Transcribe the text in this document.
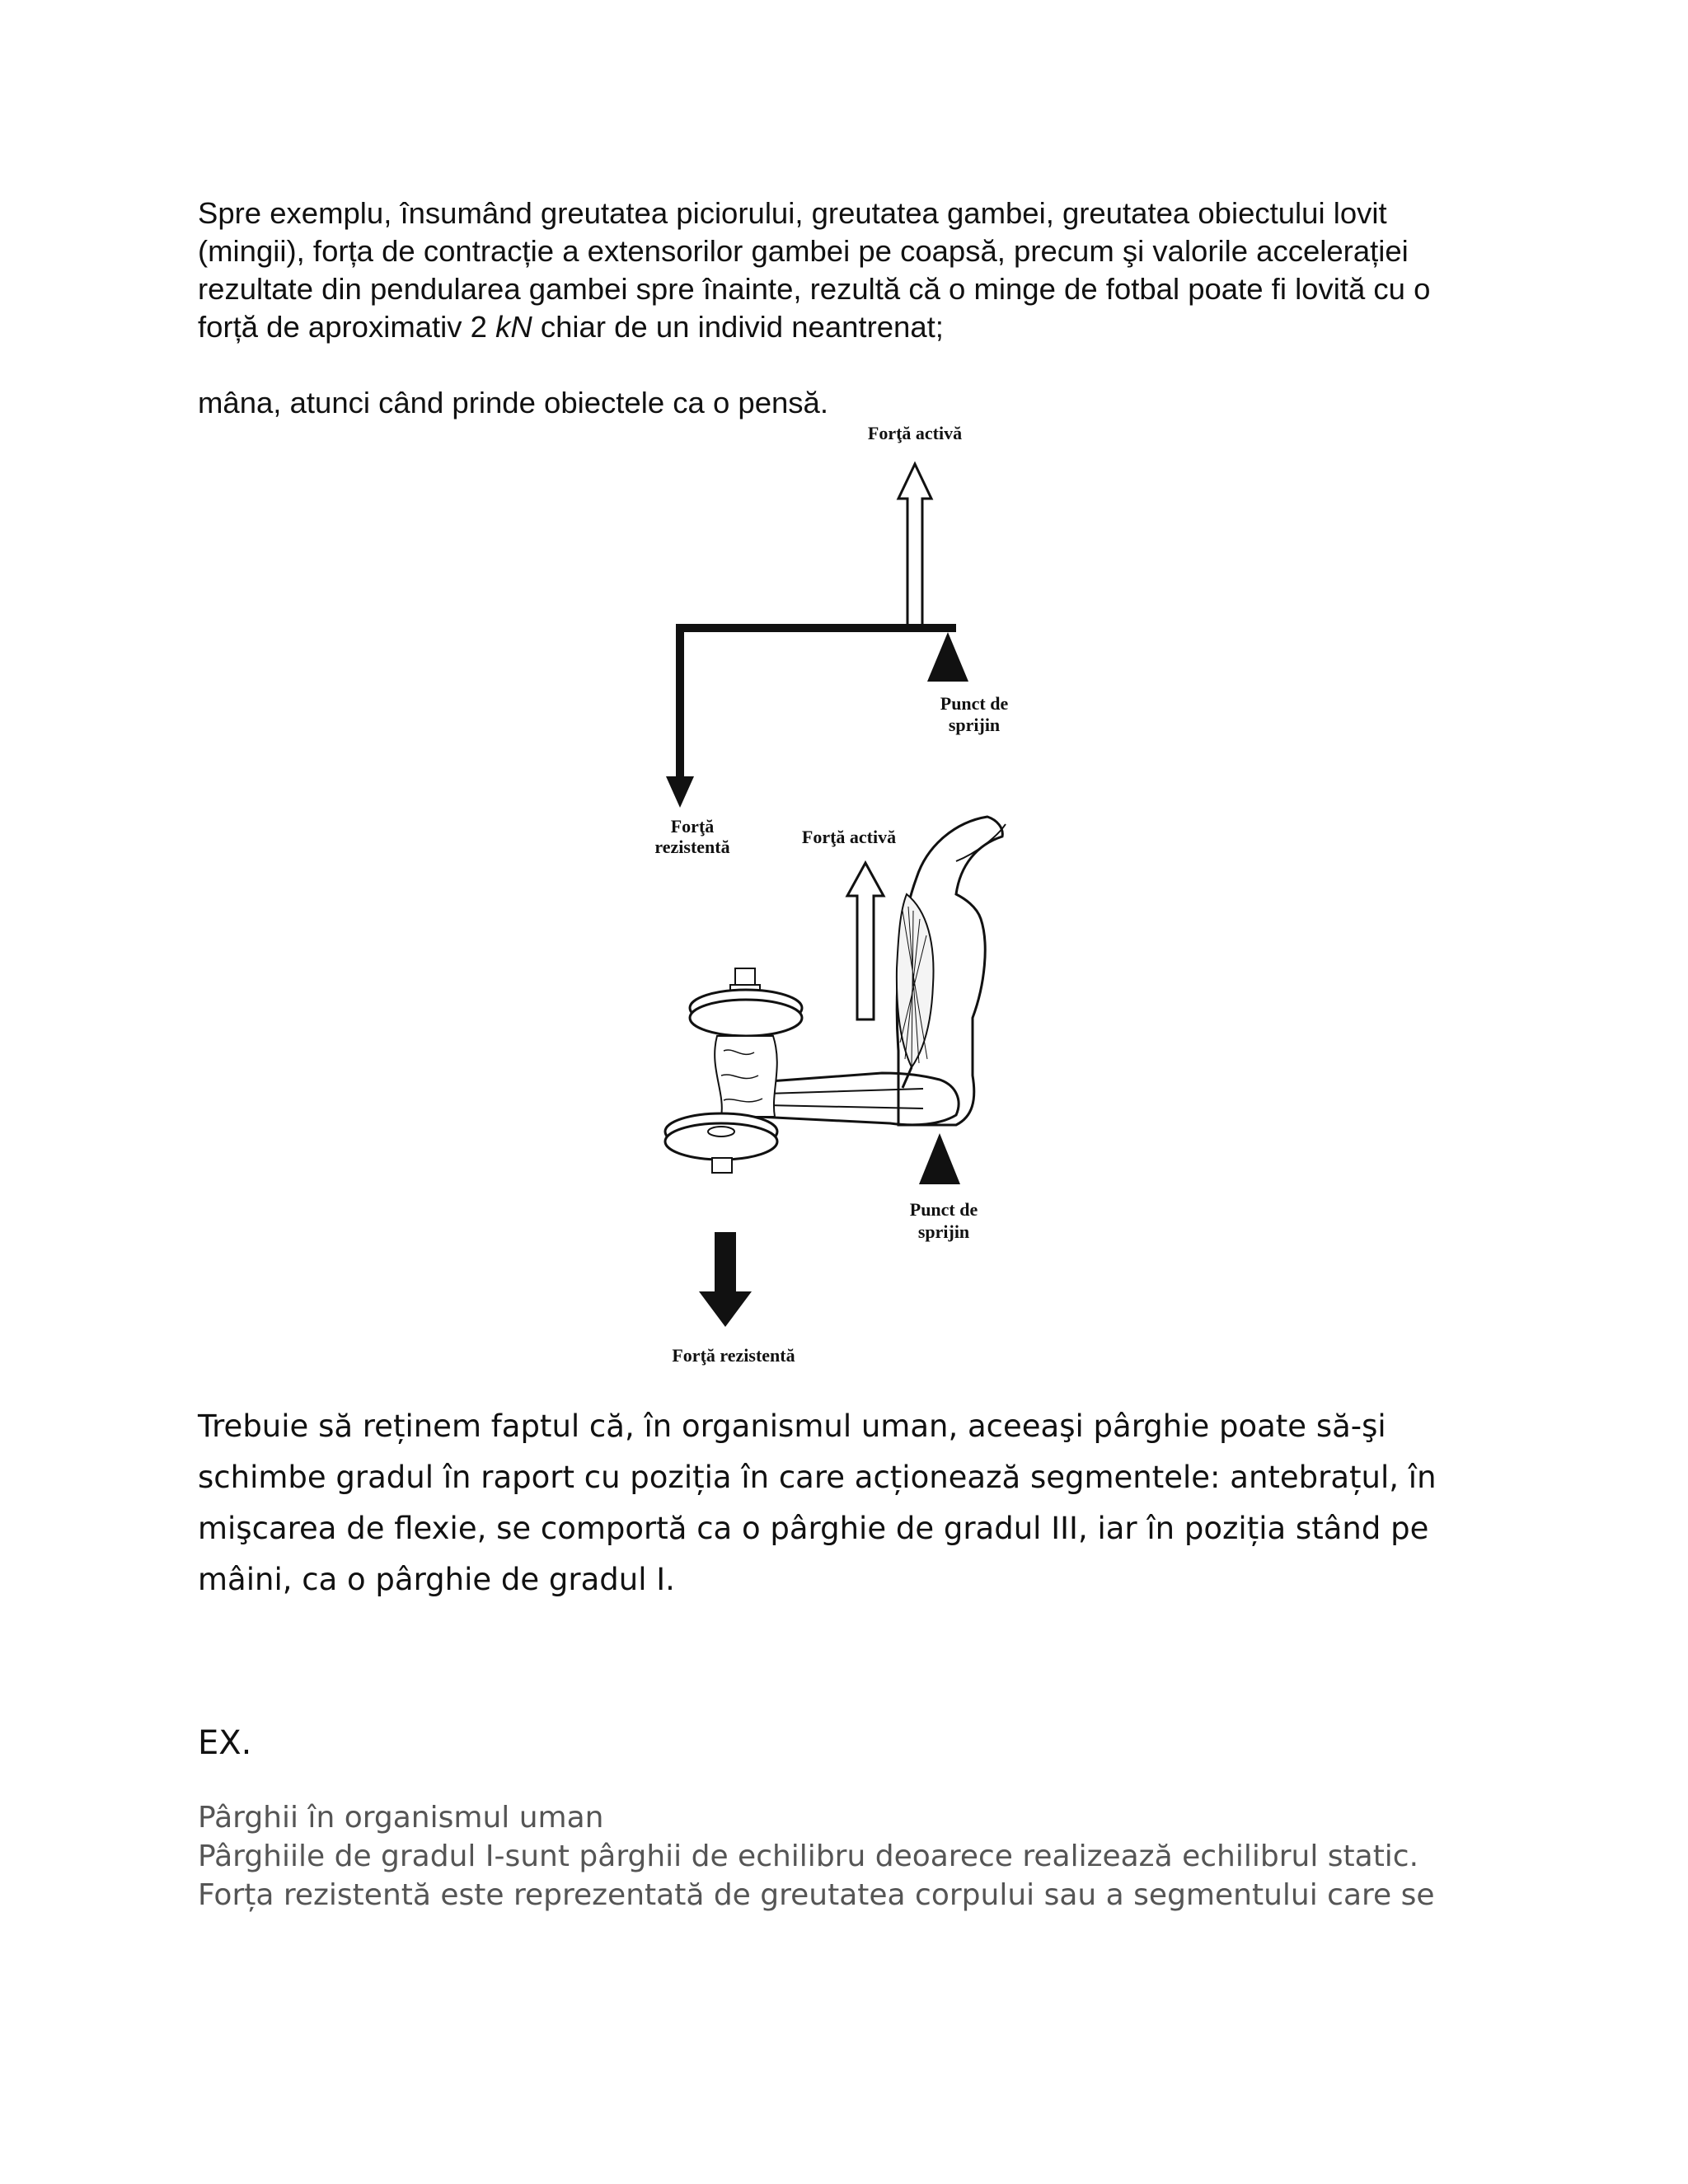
Spre exemplu, însumând greutatea piciorului, greutatea gambei, greutatea obiectului lovit (mingii), forța de contracție a extensorilor gambei pe coapsă, precum şi valorile accelerației rezultate din pendularea gambei spre înainte, rezultă că o minge de fotbal poate fi lovită cu o forță de aproximativ 2 kN chiar de un individ neantrenat;
mâna, atunci când prinde obiectele ca o pensă.
Forţă activă
Punct de
sprijin
Forţă
rezistentă	Forţă activă
Punct de
sprijin
Forţă rezistentă
Trebuie să reținem faptul că, în organismul uman, aceeaşi pârghie poate să-şi schimbe gradul în raport cu poziția în care acționează segmentele: antebrațul, în mişcarea de flexie, se comportă ca o pârghie de gradul III, iar în poziția stând pe mâini, ca o pârghie de gradul I.
EX.
Pârghii în organismul uman
Pârghiile de gradul I-sunt pârghii de echilibru deoarece realizează echilibrul static.
Forța rezistentă este reprezentată de greutatea corpului sau a segmentului care se
